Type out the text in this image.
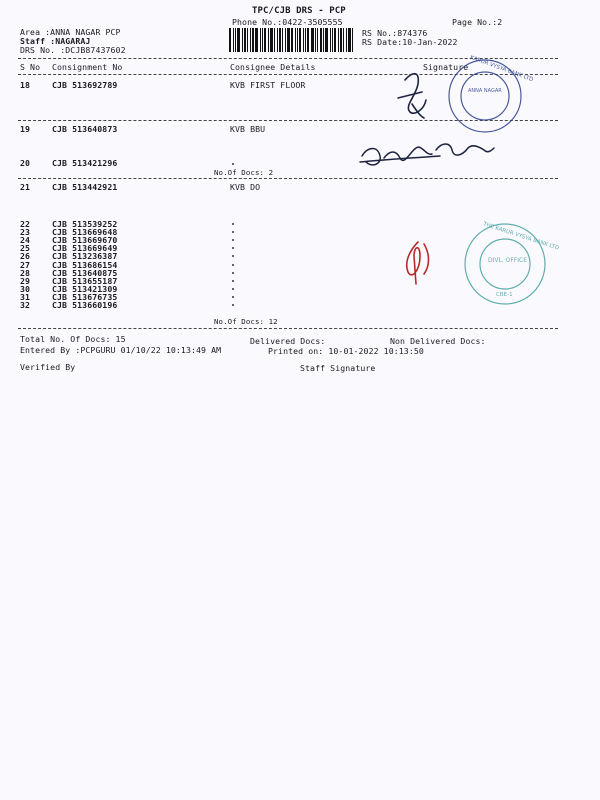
TPC/CJB DRS - PCP
Phone No.:0422-3505555	Page No.:2
Area :ANNA NAGAR PCP
Staff :NAGARAJ
DRS No. :DCJB87437602
RS No.:874376
RS Date:10-Jan-2022
S No Consignment No	Consignee Details	Signature
18	CJB 513692789	KVB FIRST FLOOR
19	CJB 513640873	KVB BBU
20	CJB 513421296
No.Of Docs: 2
21	CJB 513442921	KVB DO
22	CJB 513539252
23	CJB 513669648
24	CJB 513669670
25	CJB 513669649
26	CJB 513236387
27	CJB 513686154
28	CJB 513640875
29	CJB 513655187
30	CJB 513421309
31	CJB 513676735
32	CJB 513660196
No.Of Docs: 12
Total No. Of Docs: 15	Delivered Docs:	Non Delivered Docs:
Entered By :PCPGURU 01/10/22 10:13:49 AM	Printed on: 10-01-2022 10:13:50
Verified By	Staff Signature
ANNA NAGAR
KARUR VYSYA BANK LTD
DIVL. OFFICE
THE KARUR VYSYA BANK LTD
CBE-1
